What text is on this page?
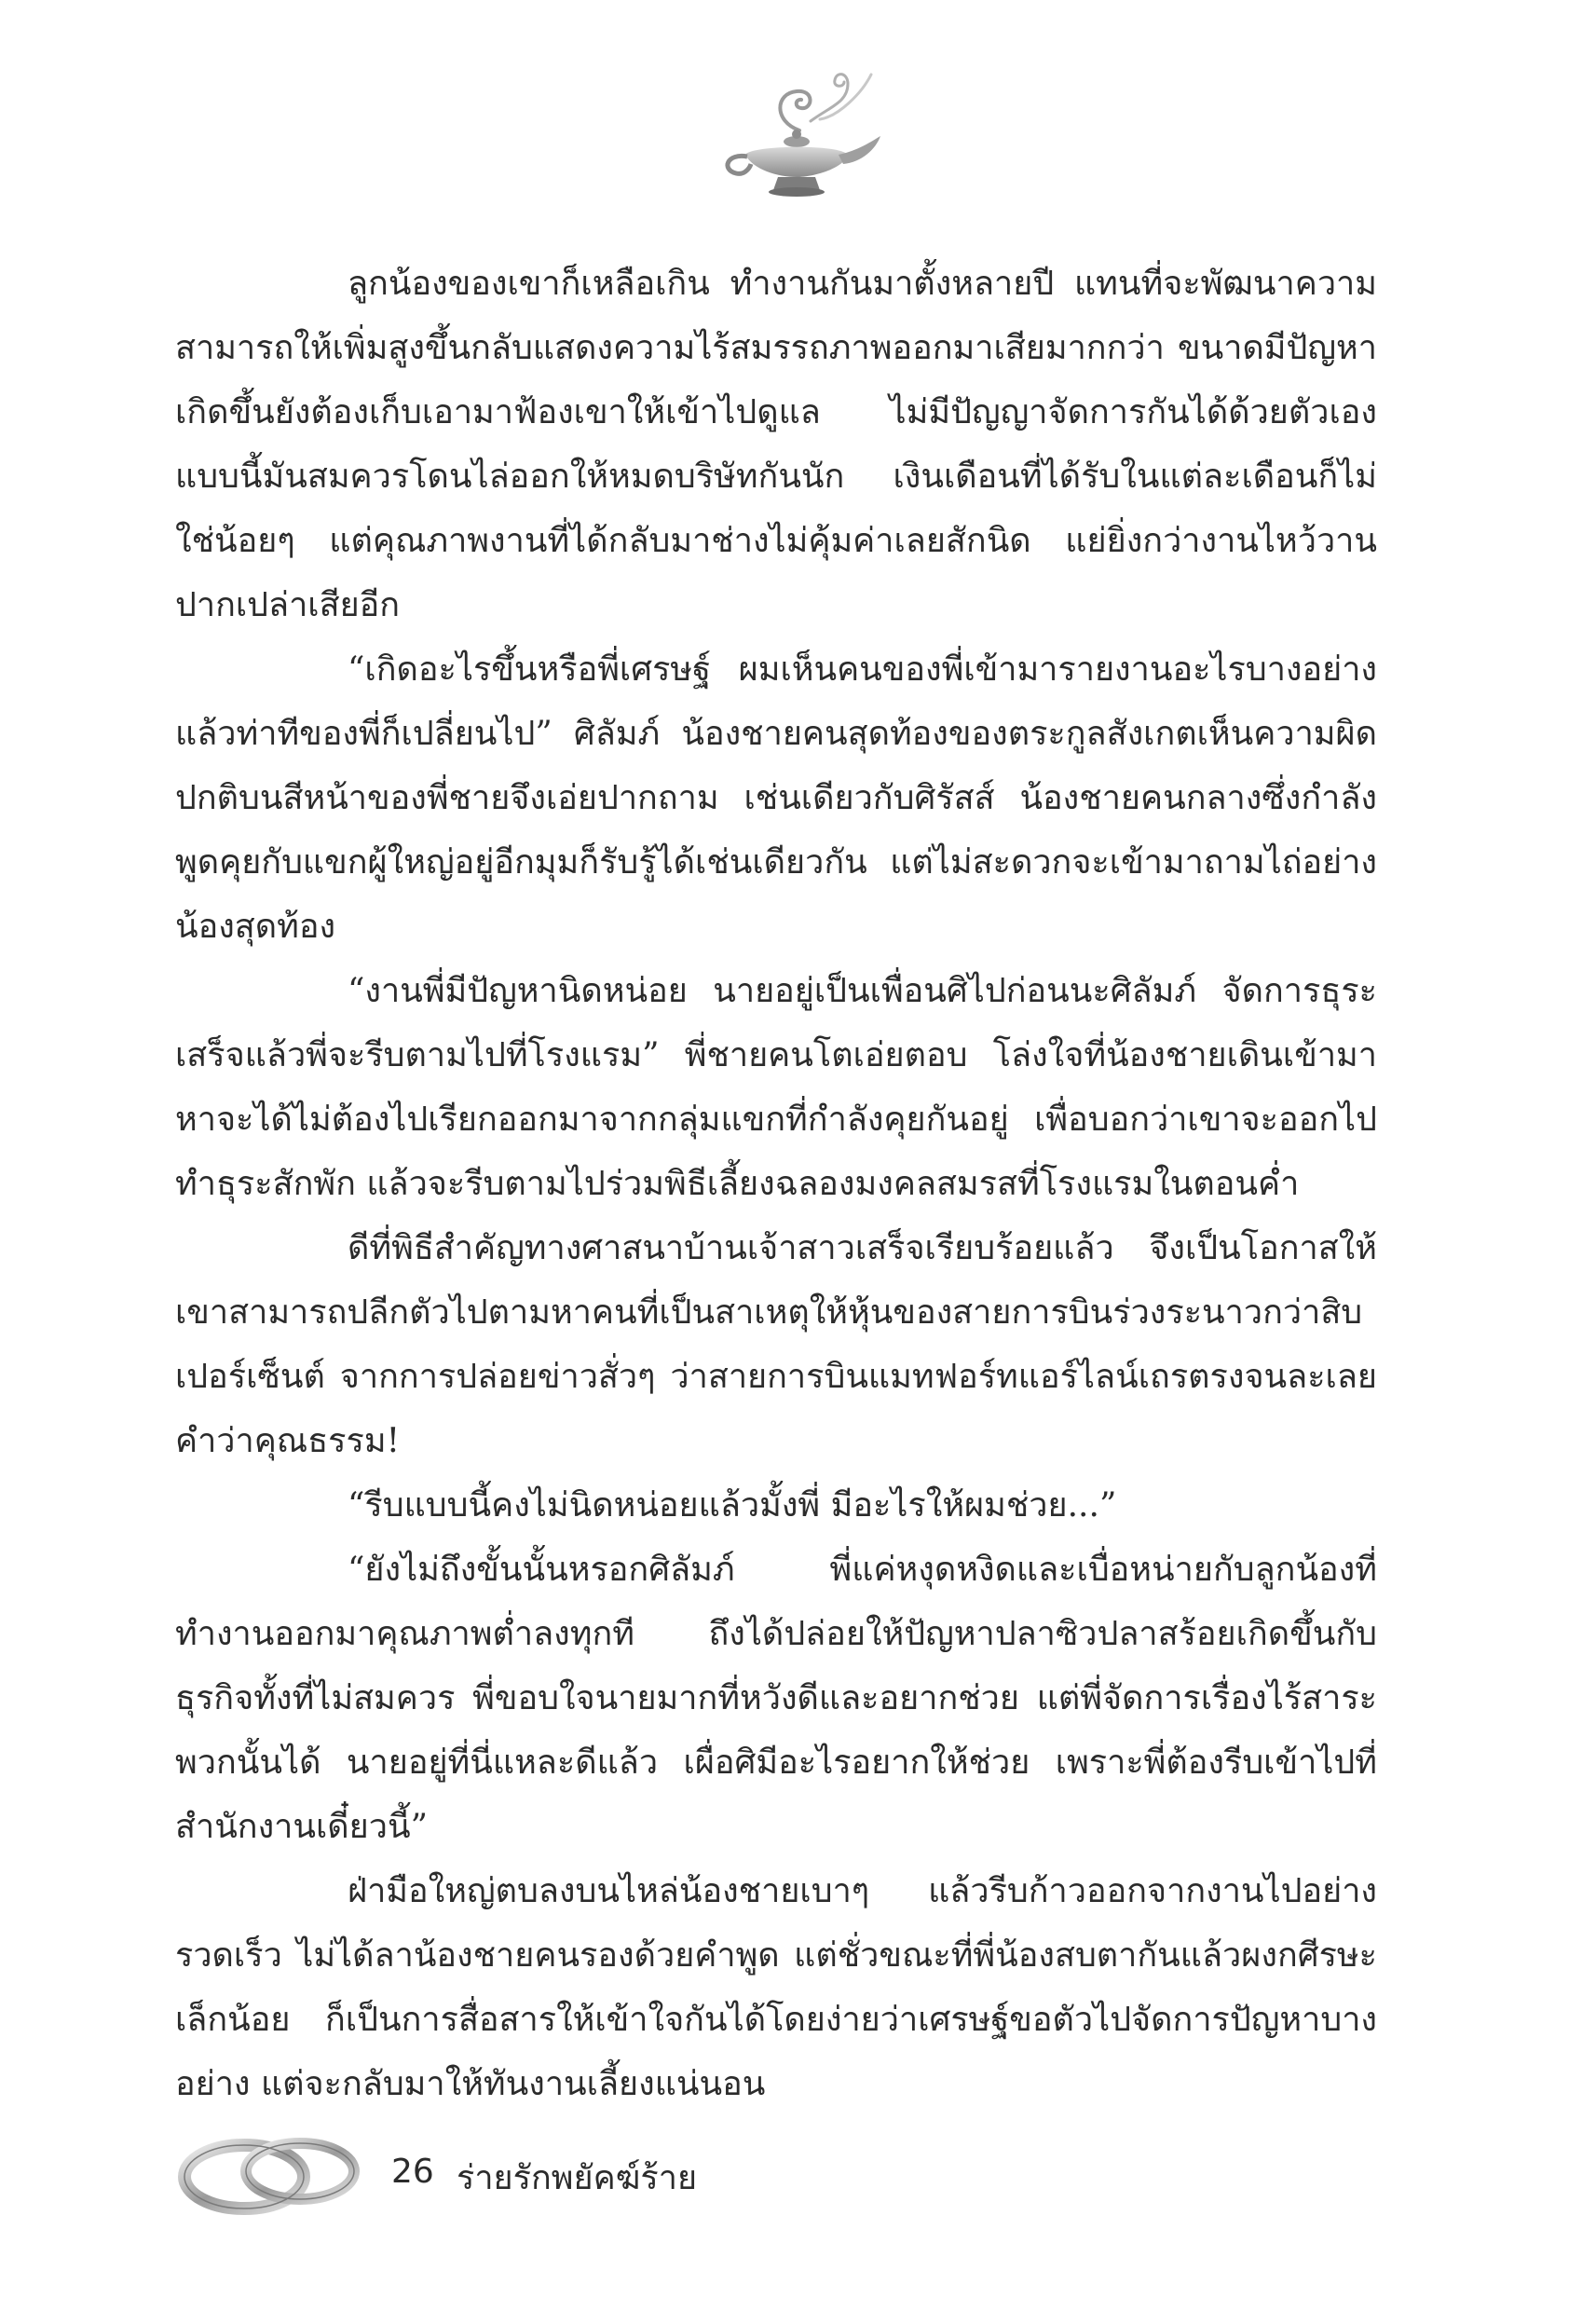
ลูกน้องของเขาก็เหลือเกิน ทำงานกันมาตั้งหลายปี แทนที่จะพัฒนาความสามารถให้เพิ่มสูงขึ้นกลับแสดงความไร้สมรรถภาพออกมาเสียมากกว่า ขนาดมีปัญหาเกิดขึ้นยังต้องเก็บเอามาฟ้องเขาให้เข้าไปดูแล ไม่มีปัญญาจัดการกันได้ด้วยตัวเอง แบบนี้มันสมควรโดนไล่ออกให้หมดบริษัทกันนัก เงินเดือนที่ได้รับในแต่ละเดือนก็ไม่ใช่น้อยๆ แต่คุณภาพงานที่ได้กลับมาช่างไม่คุ้มค่าเลยสักนิด แย่ยิ่งกว่างานไหว้วานปากเปล่าเสียอีก

“เกิดอะไรขึ้นหรือพี่เศรษฐ์ ผมเห็นคนของพี่เข้ามารายงานอะไรบางอย่างแล้วท่าทีของพี่ก็เปลี่ยนไป” ศิลัมภ์ น้องชายคนสุดท้องของตระกูลสังเกตเห็นความผิดปกติบนสีหน้าของพี่ชายจึงเอ่ยปากถาม เช่นเดียวกับศิรัสส์ น้องชายคนกลางซึ่งกำลังพูดคุยกับแขกผู้ใหญ่อยู่อีกมุมก็รับรู้ได้เช่นเดียวกัน แต่ไม่สะดวกจะเข้ามาถามไถ่อย่างน้องสุดท้อง

“งานพี่มีปัญหานิดหน่อย นายอยู่เป็นเพื่อนศิไปก่อนนะศิลัมภ์ จัดการธุระเสร็จแล้วพี่จะรีบตามไปที่โรงแรม” พี่ชายคนโตเอ่ยตอบ โล่งใจที่น้องชายเดินเข้ามาหาจะได้ไม่ต้องไปเรียกออกมาจากกลุ่มแขกที่กำลังคุยกันอยู่ เพื่อบอกว่าเขาจะออกไปทำธุระสักพัก แล้วจะรีบตามไปร่วมพิธีเลี้ยงฉลองมงคลสมรสที่โรงแรมในตอนค่ำ

ดีที่พิธีสำคัญทางศาสนาบ้านเจ้าสาวเสร็จเรียบร้อยแล้ว จึงเป็นโอกาสให้เขาสามารถปลีกตัวไปตามหาคนที่เป็นสาเหตุให้หุ้นของสายการบินร่วงระนาวกว่าสิบเปอร์เซ็นต์ จากการปล่อยข่าวสั่วๆ ว่าสายการบินแมทฟอร์ทแอร์ไลน์เถรตรงจนละเลยคำว่าคุณธรรม!

“รีบแบบนี้คงไม่นิดหน่อยแล้วมั้งพี่ มีอะไรให้ผมช่วย...”

“ยังไม่ถึงขั้นนั้นหรอกศิลัมภ์ พี่แค่หงุดหงิดและเบื่อหน่ายกับลูกน้องที่ทำงานออกมาคุณภาพต่ำลงทุกที ถึงได้ปล่อยให้ปัญหาปลาซิวปลาสร้อยเกิดขึ้นกับธุรกิจทั้งที่ไม่สมควร พี่ขอบใจนายมากที่หวังดีและอยากช่วย แต่พี่จัดการเรื่องไร้สาระพวกนั้นได้ นายอยู่ที่นี่แหละดีแล้ว เผื่อศิมีอะไรอยากให้ช่วย เพราะพี่ต้องรีบเข้าไปที่สำนักงานเดี๋ยวนี้”

ฝ่ามือใหญ่ตบลงบนไหล่น้องชายเบาๆ แล้วรีบก้าวออกจากงานไปอย่างรวดเร็ว ไม่ได้ลาน้องชายคนรองด้วยคำพูด แต่ชั่วขณะที่พี่น้องสบตากันแล้วผงกศีรษะเล็กน้อย ก็เป็นการสื่อสารให้เข้าใจกันได้โดยง่ายว่าเศรษฐ์ขอตัวไปจัดการปัญหาบางอย่าง แต่จะกลับมาให้ทันงานเลี้ยงแน่นอน

26 ร่ายรักพยัคฆ์ร้าย
